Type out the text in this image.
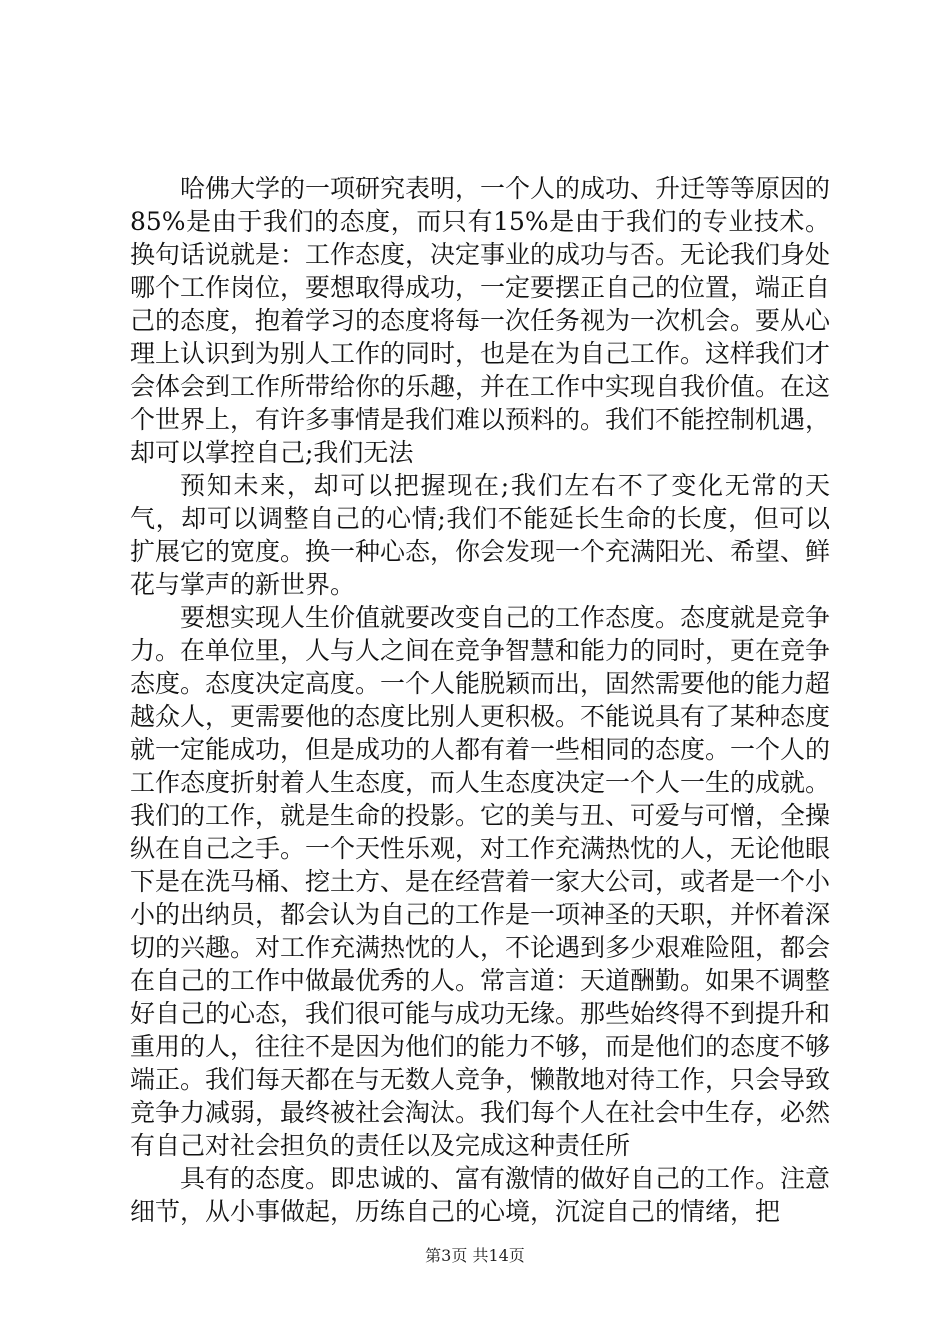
哈佛大学的一项研究表明，一个人的成功、升迁等等原因的85%是由于我们的态度，而只有15%是由于我们的专业技术。换句话说就是：工作态度，决定事业的成功与否。无论我们身处哪个工作岗位，要想取得成功，一定要摆正自己的位置，端正自己的态度，抱着学习的态度将每一次任务视为一次机会。要从心理上认识到为别人工作的同时，也是在为自己工作。这样我们才会体会到工作所带给你的乐趣，并在工作中实现自我价值。在这个世界上，有许多事情是我们难以预料的。我们不能控制机遇，却可以掌控自己;我们无法

预知未来，却可以把握现在;我们左右不了变化无常的天气，却可以调整自己的心情;我们不能延长生命的长度，但可以扩展它的宽度。换一种心态，你会发现一个充满阳光、希望、鲜花与掌声的新世界。

要想实现人生价值就要改变自己的工作态度。态度就是竞争力。在单位里，人与人之间在竞争智慧和能力的同时，更在竞争态度。态度决定高度。一个人能脱颖而出，固然需要他的能力超越众人，更需要他的态度比别人更积极。不能说具有了某种态度就一定能成功，但是成功的人都有着一些相同的态度。一个人的工作态度折射着人生态度，而人生态度决定一个人一生的成就。我们的工作，就是生命的投影。它的美与丑、可爱与可憎，全操纵在自己之手。一个天性乐观，对工作充满热忱的人，无论他眼下是在洗马桶、挖土方、是在经营着一家大公司，或者是一个小小的出纳员，都会认为自己的工作是一项神圣的天职，并怀着深切的兴趣。对工作充满热忱的人，不论遇到多少艰难险阻，都会在自己的工作中做最优秀的人。常言道：天道酬勤。如果不调整好自己的心态，我们很可能与成功无缘。那些始终得不到提升和重用的人，往往不是因为他们的能力不够，而是他们的态度不够端正。我们每天都在与无数人竞争，懒散地对待工作，只会导致竞争力减弱，最终被社会淘汰。我们每个人在社会中生存，必然有自己对社会担负的责任以及完成这种责任所

具有的态度。即忠诚的、富有激情的做好自己的工作。注意细节，从小事做起，历练自己的心境，沉淀自己的情绪，把

第3页 共14页
